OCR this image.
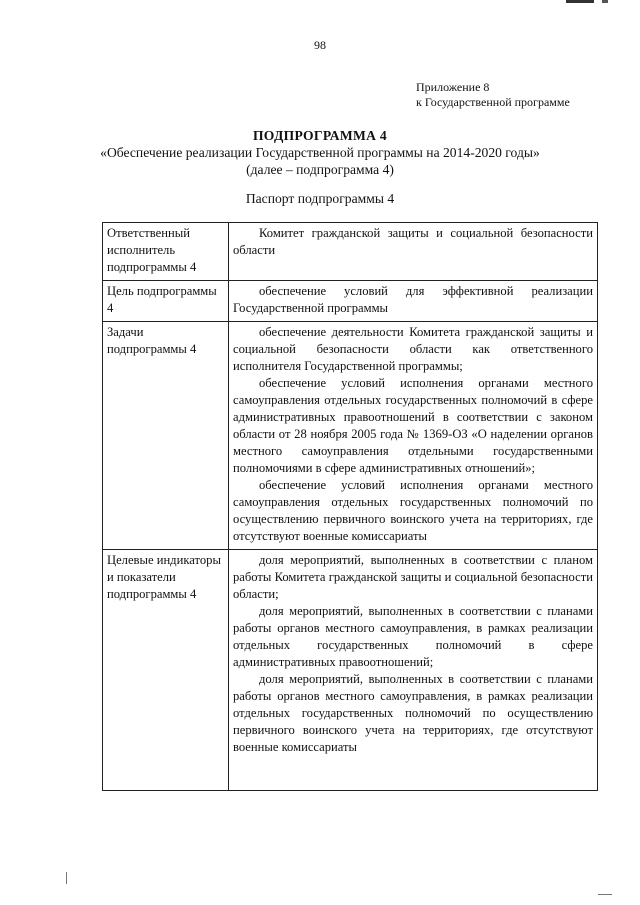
98
Приложение 8
к Государственной программе
ПОДПРОГРАММА 4
«Обеспечение реализации Государственной программы на 2014-2020 годы»
(далее – подпрограмма 4)
Паспорт подпрограммы 4
Ответственный исполнитель подпрограммы 4	Комитет гражданской защиты и социальной безопасности области

Цель подпрограммы 4	обеспечение условий для эффективной реализации Государственной программы

Задачи подпрограммы 4	обеспечение деятельности Комитета гражданской защиты и социальной безопасности области как ответственного исполнителя Государственной программы;

обеспечение условий исполнения органами местного самоуправления отдельных государственных полномочий в сфере административных правоотношений в соответствии с законом области от 28 ноября 2005 года № 1369-ОЗ «О наделении органов местного самоуправления отдельными государственными полномочиями в сфере административных отношений»;

обеспечение условий исполнения органами местного самоуправления отдельных государственных полномочий по осуществлению первичного воинского учета на территориях, где отсутствуют военные комиссариаты

Целевые индикаторы и показатели подпрограммы 4	доля мероприятий, выполненных в соответствии с планом работы Комитета гражданской защиты и социальной безопасности области;

доля мероприятий, выполненных в соответствии с планами работы органов местного самоуправления, в рамках реализации отдельных государственных полномочий в сфере административных правоотношений;

доля мероприятий, выполненных в соответствии с планами работы органов местного самоуправления, в рамках реализации отдельных государственных полномочий по осуществлению первичного воинского учета на территориях, где отсутствуют военные комиссариаты
